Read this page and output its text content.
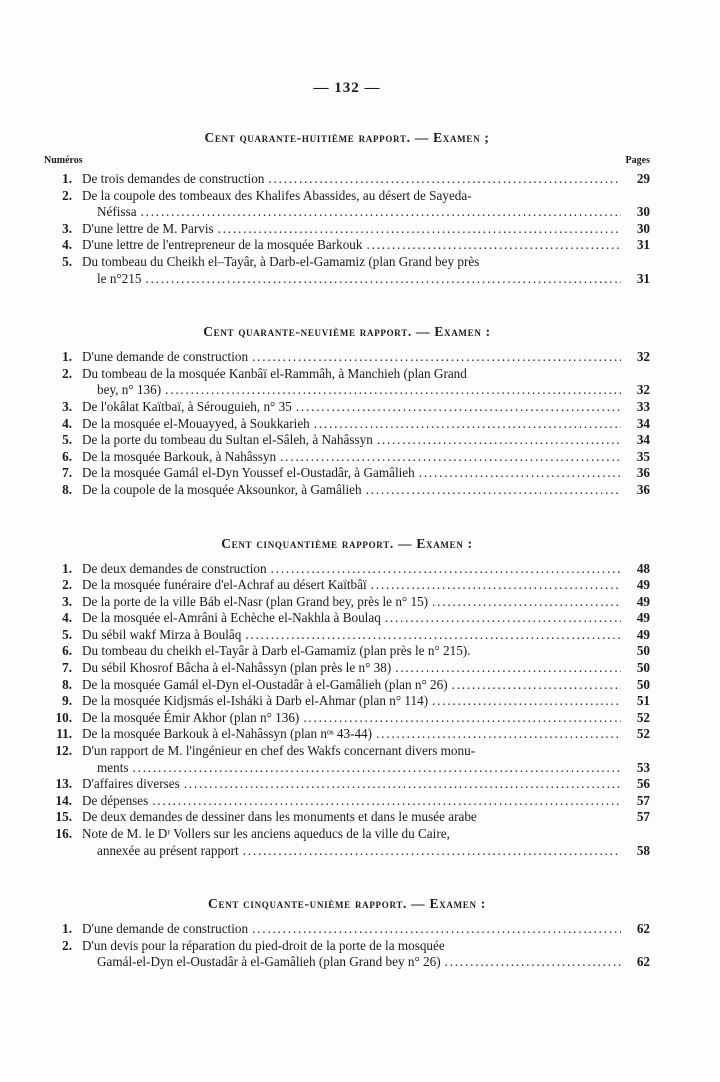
— 132 —
Cent quarante-huitième rapport. — Examen ;
Numéros	Pages
1. De trois demandes de construction .....	29
2. De la coupole des tombeaux des Khalifes Abassides, au désert de Sayeda-
Néfissa .....	30
3. D'une lettre de M. Parvis .....	30
4. D'une lettre de l'entrepreneur de la mosquée Barkouk .....	31
5. Du tombeau du Cheikh el–Tayâr, à Darb-el-Gamamiz (plan Grand bey près
le n°215 .....	31
Cent quarante-neuvième rapport. — Examen :
1. D'une demande de construction .....	32
2. Du tombeau de la mosquée Kanbâï el-Rammâh, à Manchieh (plan Grand
bey, n° 136) .....	32
3. De l'okâlat Kaïtbaï, à Sérouguieh, n° 35 .....	33
4. De la mosquée el-Mouayyed, à Soukkarieh .....	34
5. De la porte du tombeau du Sultan el-Sâleh, à Nahâssyn .....	34
6. De la mosquée Barkouk, à Nahâssyn .....	35
7. De la mosquée Gamál el-Dyn Youssef el-Oustadâr, à Gamâlieh .....	36
8. De la coupole de la mosquée Aksounkor, à Gamâlieh .....	36
Cent cinquantième rapport. — Examen :
1. De deux demandes de construction .....	48
2. De la mosquée funéraire d'el-Achraf au désert Kaïtbâï .....	49
3. De la porte de la ville Báb el-Nasr (plan Grand bey, près le n° 15) .....	49
4. De la mosquée el-Amrâni à Echèche el-Nakhla à Boulaq .....	49
5. Du sébil wakf Mirza à Boulâq .....	49
6. Du tombeau du cheikh el-Tayâr à Darb el-Gamamiz (plan près le n° 215).	50
7. Du sébil Khosrof Bâcha à el-Nahâssyn (plan près le n° 38) .....	50
8. De la mosquée Gamál el-Dyn el-Oustadâr à el-Gamâlieh (plan n° 26) .....	50
9. De la mosquée Kidjsmás el-Isháki à Darb el-Ahmar (plan n° 114) .....	51
10. De la mosquée Émir Akhor (plan n° 136) .....	52
11. De la mosquée Barkouk à el-Nahâssyn (plan nᵒˢ 43-44) .....	52
12. D'un rapport de M. l'ingénieur en chef des Wakfs concernant divers monu-
ments .....	53
13. D'affaires diverses .....	56
14. De dépenses .....	57
15. De deux demandes de dessiner dans les monuments et dans le musée arabe	57
16. Note de M. le Dʳ Vollers sur les anciens aqueducs de la ville du Caire,
annexée au présent rapport .....	58
Cent cinquante-unième rapport. — Examen :
1. D'une demande de construction .....	62
2. D'un devis pour la réparation du pied-droit de la porte de la mosquée
Gamál-el-Dyn el-Oustadâr à el-Gamâlieh (plan Grand bey n° 26) .....	62
